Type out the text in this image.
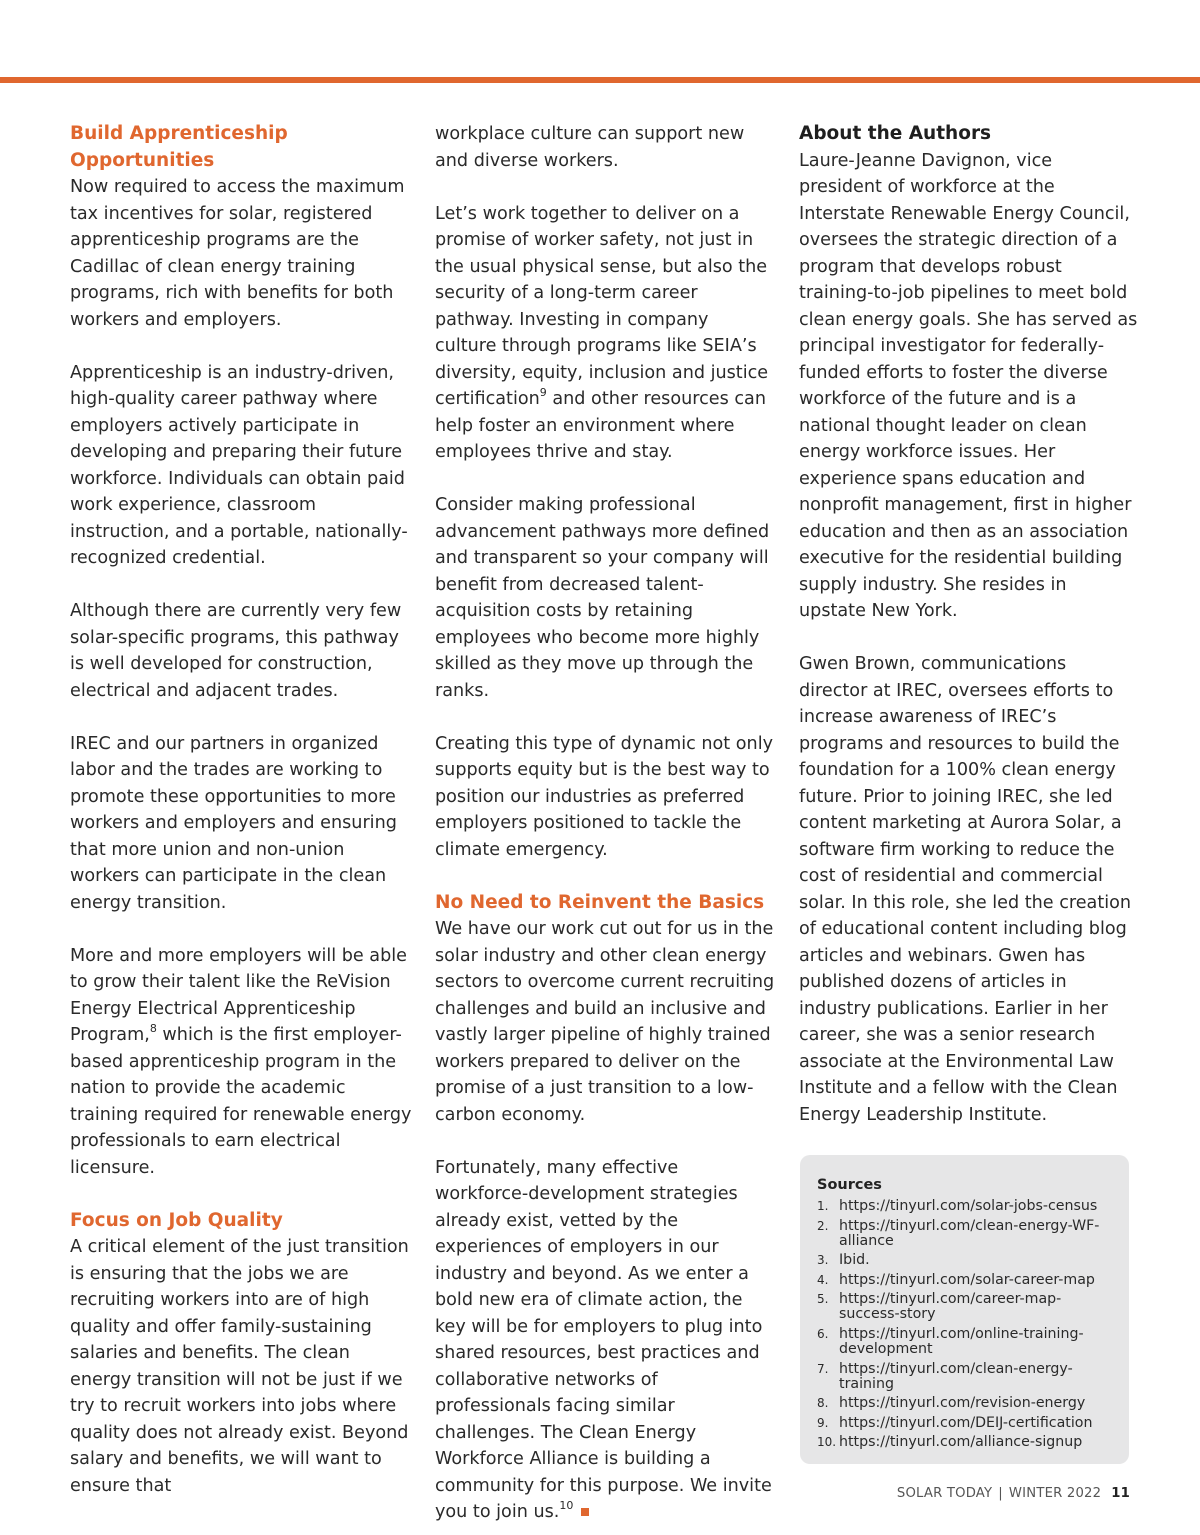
Build Apprenticeship Opportunities

Now required to access the maximum tax incentives for solar, registered apprenticeship programs are the Cadillac of clean energy training programs, rich with benefits for both workers and employers.

Apprenticeship is an industry-driven, high-quality career pathway where employers actively participate in developing and preparing their future workforce. Individuals can obtain paid work experience, classroom instruction, and a portable, nationally-recognized credential.

Although there are currently very few solar-specific programs, this pathway is well developed for construction, electrical and adjacent trades.

IREC and our partners in organized labor and the trades are working to promote these opportunities to more workers and employers and ensuring that more union and non-union workers can participate in the clean energy transition.

More and more employers will be able to grow their talent like the ReVision Energy Electrical Apprenticeship Program,$^8$ which is the first employer-based apprenticeship program in the nation to provide the academic training required for renewable energy professionals to earn electrical licensure.

Focus on Job Quality

A critical element of the just transition is ensuring that the jobs we are recruiting workers into are of high quality and offer family-sustaining salaries and benefits. The clean energy transition will not be just if we try to recruit workers into jobs where quality does not already exist. Beyond salary and benefits, we will want to ensure that

workplace culture can support new and diverse workers.

Let’s work together to deliver on a promise of worker safety, not just in the usual physical sense, but also the security of a long-term career pathway. Investing in company culture through programs like SEIA’s diversity, equity, inclusion and justice certification$^9$ and other resources can help foster an environment where employees thrive and stay.

Consider making professional advancement pathways more defined and transparent so your company will benefit from decreased talent-acquisition costs by retaining employees who become more highly skilled as they move up through the ranks.

Creating this type of dynamic not only supports equity but is the best way to position our industries as preferred employers positioned to tackle the climate emergency.

No Need to Reinvent the Basics

We have our work cut out for us in the solar industry and other clean energy sectors to overcome current recruiting challenges and build an inclusive and vastly larger pipeline of highly trained workers prepared to deliver on the promise of a just transition to a low-carbon economy.

Fortunately, many effective workforce-development strategies already exist, vetted by the experiences of employers in our industry and beyond. As we enter a bold new era of climate action, the key will be for employers to plug into shared resources, best practices and collaborative networks of professionals facing similar challenges. The Clean Energy Workforce Alliance is building a community for this purpose. We invite you to join us.$^{10}$

About the Authors

Laure-Jeanne Davignon, vice president of workforce at the Interstate Renewable Energy Council, oversees the strategic direction of a program that develops robust training-to-job pipelines to meet bold clean energy goals. She has served as principal investigator for federally-funded efforts to foster the diverse workforce of the future and is a national thought leader on clean energy workforce issues. Her experience spans education and nonprofit management, first in higher education and then as an association executive for the residential building supply industry. She resides in upstate New York.

Gwen Brown, communications director at IREC, oversees efforts to increase awareness of IREC’s programs and resources to build the foundation for a 100% clean energy future. Prior to joining IREC, she led content marketing at Aurora Solar, a software firm working to reduce the cost of residential and commercial solar. In this role, she led the creation of educational content including blog articles and webinars. Gwen has published dozens of articles in industry publications. Earlier in her career, she was a senior research associate at the Environmental Law Institute and a fellow with the Clean Energy Leadership Institute.

Sources
1. https://tinyurl.com/solar-jobs-census
2. https://tinyurl.com/clean-energy-WF-alliance
3. Ibid.
4. https://tinyurl.com/solar-career-map
5. https://tinyurl.com/career-map-success-story
6. https://tinyurl.com/online-training-development
7. https://tinyurl.com/clean-energy-training
8. https://tinyurl.com/revision-energy
9. https://tinyurl.com/DEIJ-certification
10. https://tinyurl.com/alliance-signup
SOLAR TODAY | WINTER 2022 11
